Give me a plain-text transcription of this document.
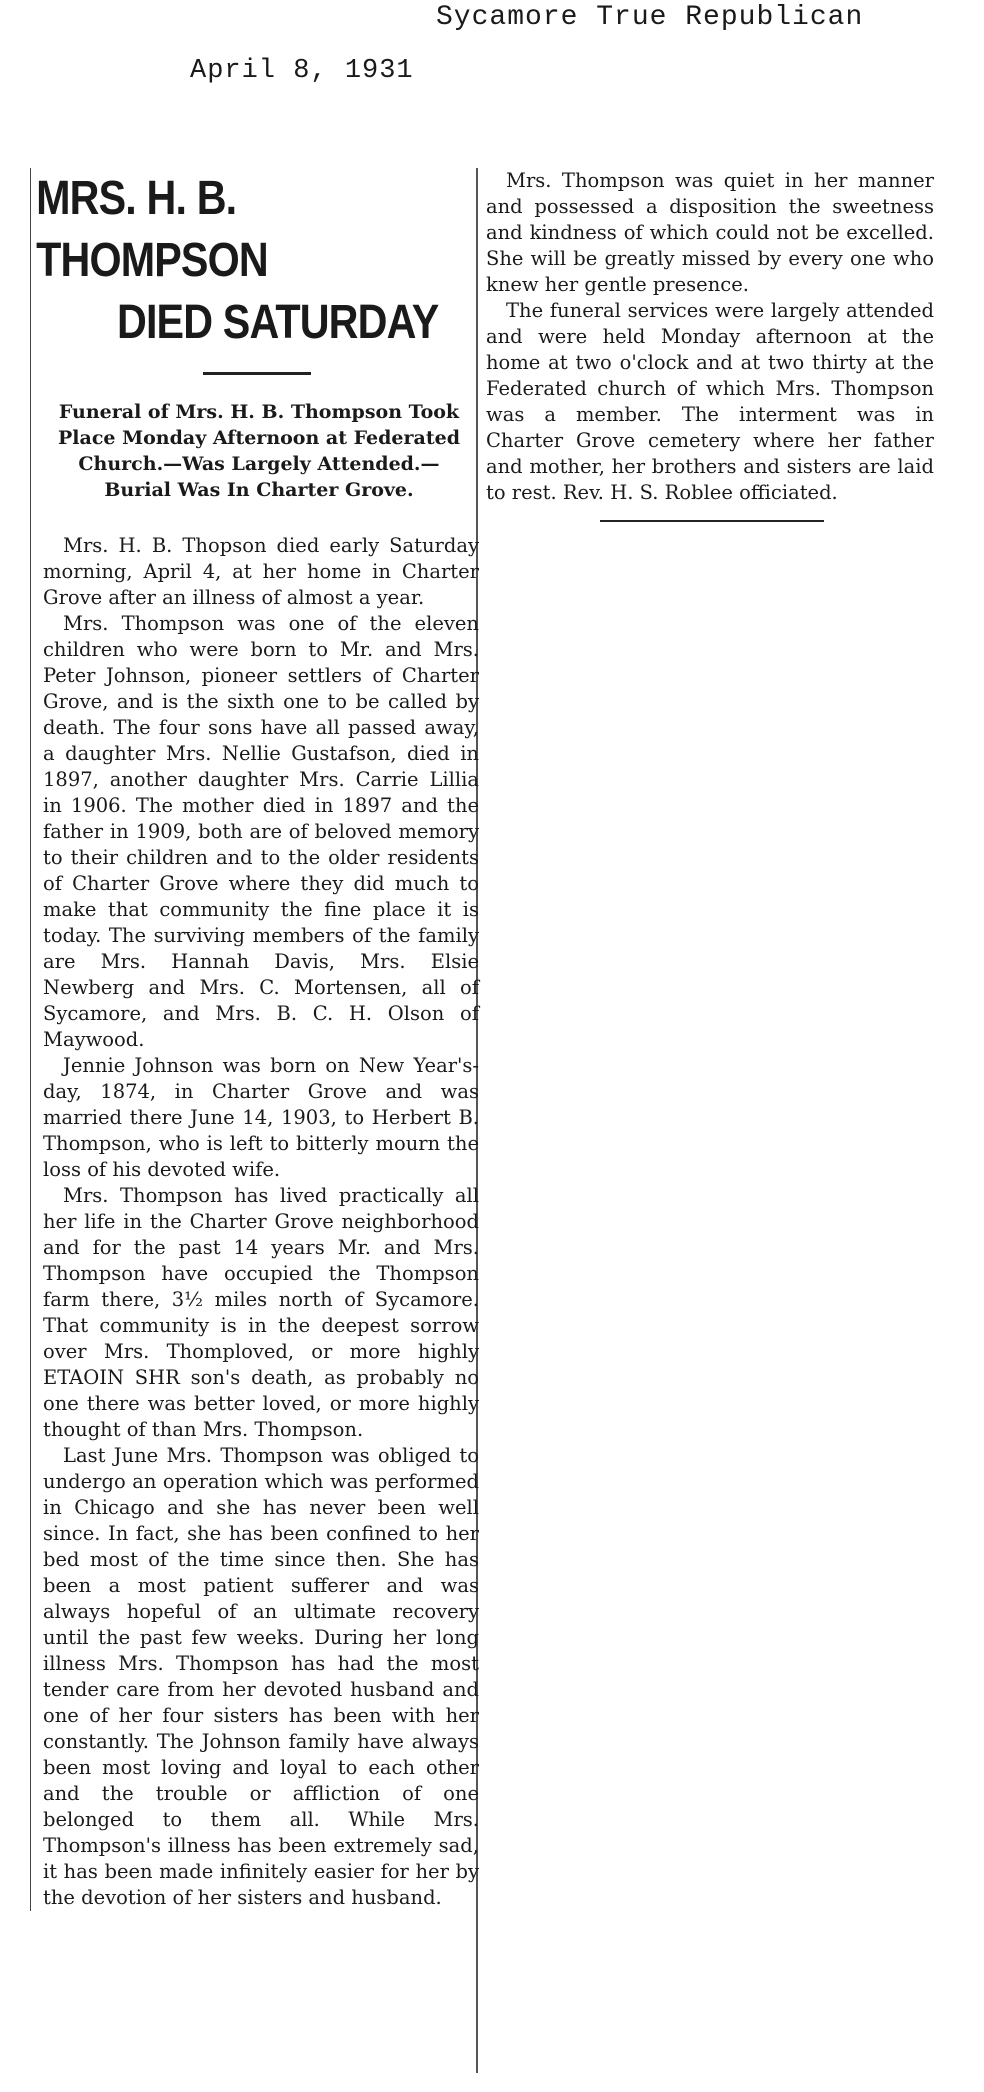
Sycamore True Republican
April 8, 1931
MRS. H. B. THOMPSON
DIED SATURDAY
Funeral of Mrs. H. B. Thompson Took Place Monday Afternoon at Federated Church.—Was Largely Attended.—Burial Was In Charter Grove.

Mrs. H. B. Thopson died early Saturday morning, April 4, at her home in Charter Grove after an illness of almost a year.

Mrs. Thompson was one of the eleven children who were born to Mr. and Mrs. Peter Johnson, pioneer settlers of Charter Grove, and is the sixth one to be called by death. The four sons have all passed away, a daughter Mrs. Nellie Gustafson, died in 1897, another daughter Mrs. Carrie Lillia in 1906. The mother died in 1897 and the father in 1909, both are of beloved memory to their children and to the older residents of Charter Grove where they did much to make that community the fine place it is today. The surviving members of the family are Mrs. Hannah Davis, Mrs. Elsie Newberg and Mrs. C. Mortensen, all of Sycamore, and Mrs. B. C. H. Olson of Maywood.

Jennie Johnson was born on New Year's-day, 1874, in Charter Grove and was married there June 14, 1903, to Herbert B. Thompson, who is left to bitterly mourn the loss of his devoted wife.

Mrs. Thompson has lived practically all her life in the Charter Grove neighborhood and for the past 14 years Mr. and Mrs. Thompson have occupied the Thompson farm there, 3½ miles north of Sycamore. That community is in the deepest sorrow over Mrs. Thomploved, or more highly ETAOIN SHR son's death, as probably no one there was better loved, or more highly thought of than Mrs. Thompson.

Last June Mrs. Thompson was obliged to undergo an operation which was performed in Chicago and she has never been well since. In fact, she has been confined to her bed most of the time since then. She has been a most patient sufferer and was always hopeful of an ultimate recovery until the past few weeks. During her long illness Mrs. Thompson has had the most tender care from her devoted husband and one of her four sisters has been with her constantly. The Johnson family have always been most loving and loyal to each other and the trouble or affliction of one belonged to them all. While Mrs. Thompson's illness has been extremely sad, it has been made infinitely easier for her by the devotion of her sisters and husband.

Mrs. Thompson was quiet in her manner and possessed a disposition the sweetness and kindness of which could not be excelled. She will be greatly missed by every one who knew her gentle presence.

The funeral services were largely attended and were held Monday afternoon at the home at two o'clock and at two thirty at the Federated church of which Mrs. Thompson was a member. The interment was in Charter Grove cemetery where her father and mother, her brothers and sisters are laid to rest. Rev. H. S. Roblee officiated.
